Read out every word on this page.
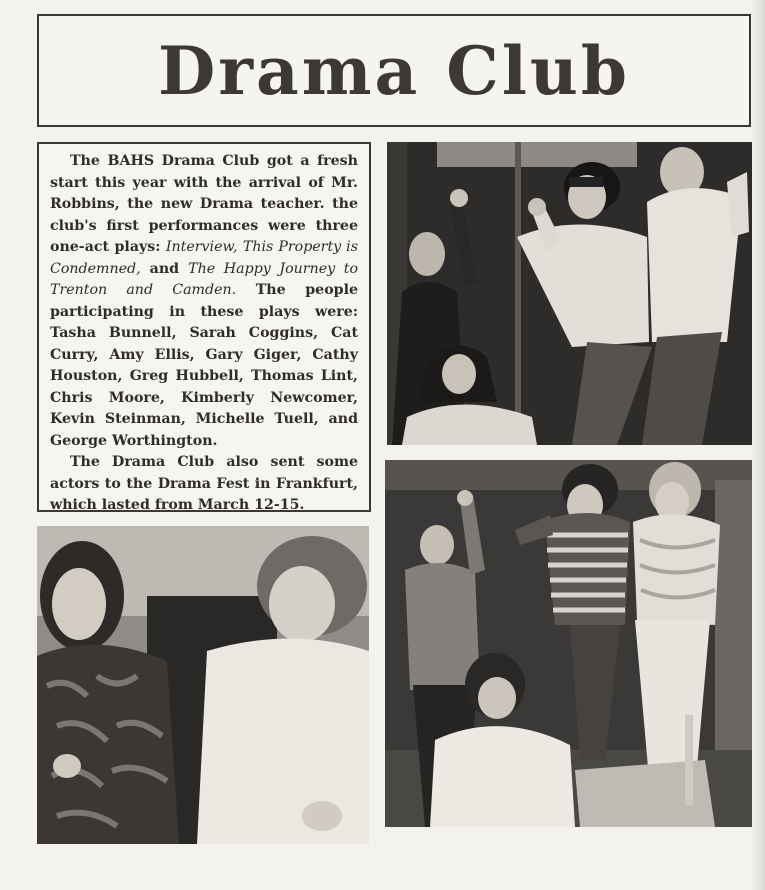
Drama Club

The BAHS Drama Club got a fresh start this year with the arrival of Mr. Robbins, the new Drama teacher. the club's first performances were three one-act plays: Interview, This Property is Condemned, and The Happy Journey to Trenton and Camden. The people participating in these plays were: Tasha Bunnell, Sarah Coggins, Cat Curry, Amy Ellis, Gary Giger, Cathy Houston, Greg Hubbell, Thomas Lint, Chris Moore, Kimberly Newcomer, Kevin Steinman, Michelle Tuell, and George Worthington.

The Drama Club also sent some actors to the Drama Fest in Frankfurt, which lasted from March 12-15.
